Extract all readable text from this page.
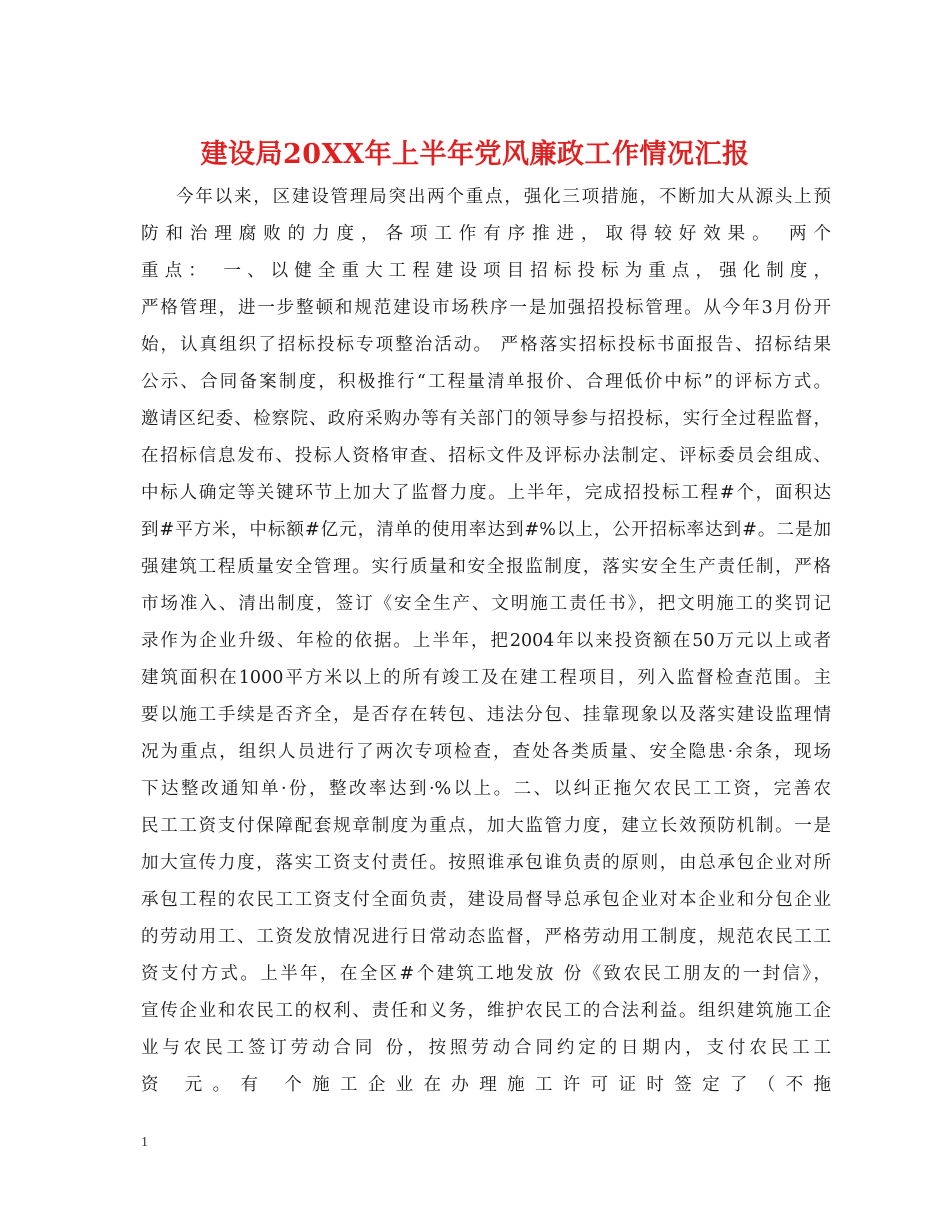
建设局20XX年上半年党风廉政工作情况汇报
今年以来，区建设管理局突出两个重点，强化三项措施，不断加大从源头上预
防和治理腐败的力度，各项工作有序推进，取得较好效果。 两个
重点： 一、以健全重大工程建设项目招标投标为重点，强化制度，
严格管理，进一步整顿和规范建设市场秩序一是加强招投标管理。从今年3月份开
始，认真组织了招标投标专项整治活动。 严格落实招标投标书面报告、招标结果
公示、合同备案制度，积极推行“工程量清单报价、合理低价中标”的评标方式。
邀请区纪委、检察院、政府采购办等有关部门的领导参与招投标，实行全过程监督，
在招标信息发布、投标人资格审查、招标文件及评标办法制定、评标委员会组成、
中标人确定等关键环节上加大了监督力度。上半年，完成招投标工程#个，面积达
到#平方米，中标额#亿元，清单的使用率达到#%以上，公开招标率达到#。二是加
强建筑工程质量安全管理。实行质量和安全报监制度，落实安全生产责任制，严格
市场准入、清出制度，签订《安全生产、文明施工责任书》，把文明施工的奖罚记
录作为企业升级、年检的依据。上半年，把2004年以来投资额在50万元以上或者
建筑面积在1000平方米以上的所有竣工及在建工程项目，列入监督检查范围。主
要以施工手续是否齐全，是否存在转包、违法分包、挂靠现象以及落实建设监理情
况为重点，组织人员进行了两次专项检查，查处各类质量、安全隐患·余条，现场
下达整改通知单·份，整改率达到·%以上。二、以纠正拖欠农民工工资，完善农
民工工资支付保障配套规章制度为重点，加大监管力度，建立长效预防机制。一是
加大宣传力度，落实工资支付责任。按照谁承包谁负责的原则，由总承包企业对所
承包工程的农民工工资支付全面负责，建设局督导总承包企业对本企业和分包企业
的劳动用工、工资发放情况进行日常动态监督，严格劳动用工制度，规范农民工工
资支付方式。上半年，在全区#个建筑工地发放 份《致农民工朋友的一封信》，
宣传企业和农民工的权利、责任和义务，维护农民工的合法利益。组织建筑施工企
业与农民工签订劳动合同 份，按照劳动合同约定的日期内，支付农民工工
资 元。有 个施工企业在办理施工许可证时签定了（不拖
1
